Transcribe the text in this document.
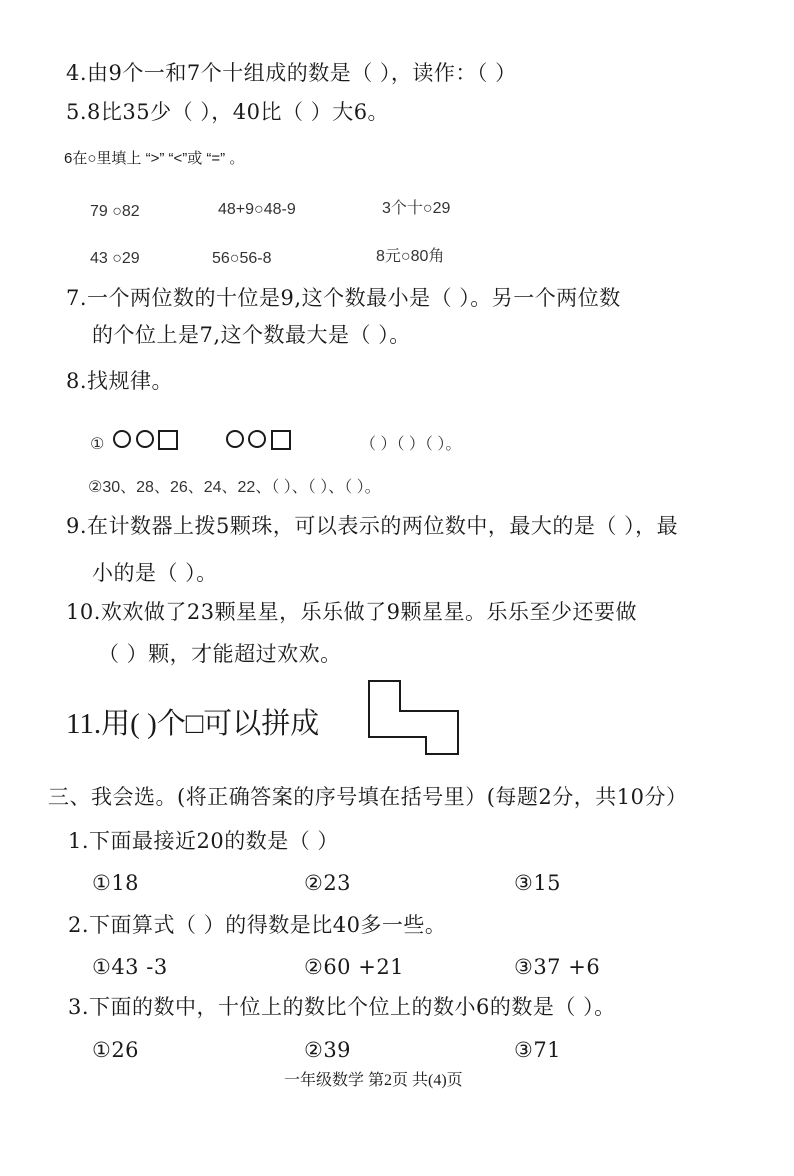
4.由9个一和7个十组成的数是（ ），读作：（ ）
5.8比35少（ ），40比（ ）大6。
6在○里填上 “>” “<”或 “=” 。
79 ○82	48+9○48-9	3个十○29
43 ○29	56○56-8	8元○80角
7.一个两位数的十位是9,这个数最小是（ ）。另一个两位数
的个位上是7,这个数最大是（ ）。
8.找规律。
①	（ ）（ ）（ ）。
②30、28、26、24、22、（ ）、（ ）、（ ）。
9.在计数器上拨5颗珠，可以表示的两位数中，最大的是（ ），最
小的是（ ）。
10.欢欢做了23颗星星，乐乐做了9颗星星。乐乐至少还要做
（ ）颗，才能超过欢欢。
11.用( )个□可以拼成
三、我会选。(将正确答案的序号填在括号里）(每题2分，共10分）
1.下面最接近20的数是（ ）
①18	②23	③15
2.下面算式（ ）的得数是比40多一些。
①43 -3	②60 +21	③37 +6
3.下面的数中，十位上的数比个位上的数小6的数是（ ）。
①26	②39	③71
一年级数学 第2页 共(4)页
